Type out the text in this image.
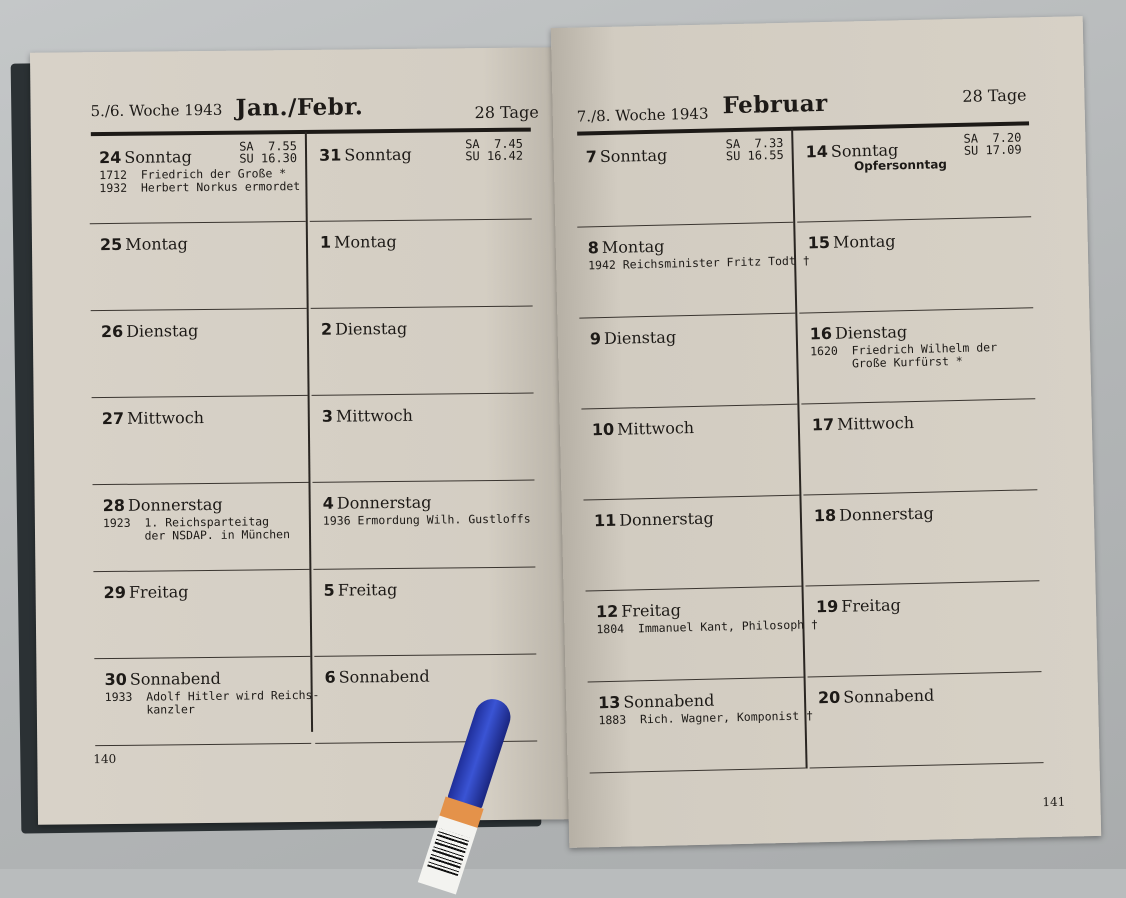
5./6. Woche 1943 Jan./Febr.	28 Tage
24 Sonntag
SA  7.55
SU 16.30
1712  Friedrich der Große *
1932  Herbert Norkus ermordet
25 Montag
26 Dienstag
27 Mittwoch
28 Donnerstag
1923  1. Reichsparteitag
der NSDAP. in München
29 Freitag
30 Sonnabend
1933  Adolf Hitler wird Reichs-
kanzler
31 Sonntag
SA  7.45
SU 16.42
1 Montag
2 Dienstag
3 Mittwoch
4 Donnerstag
1936 Ermordung Wilh. Gustloffs
5 Freitag
6 Sonnabend
140
7./8. Woche 1943 Februar	28 Tage
7 Sonntag
SA  7.33
SU 16.55
8 Montag
1942 Reichsminister Fritz Todt †
9 Dienstag
10 Mittwoch
11 Donnerstag
12 Freitag
1804  Immanuel Kant, Philosoph †
13 Sonnabend
1883  Rich. Wagner, Komponist †
14 Sonntag
SA  7.20
SU 17.09
Opfersonntag
15 Montag
16 Dienstag
1620  Friedrich Wilhelm der
Große Kurfürst *
17 Mittwoch
18 Donnerstag
19 Freitag
20 Sonnabend
141
